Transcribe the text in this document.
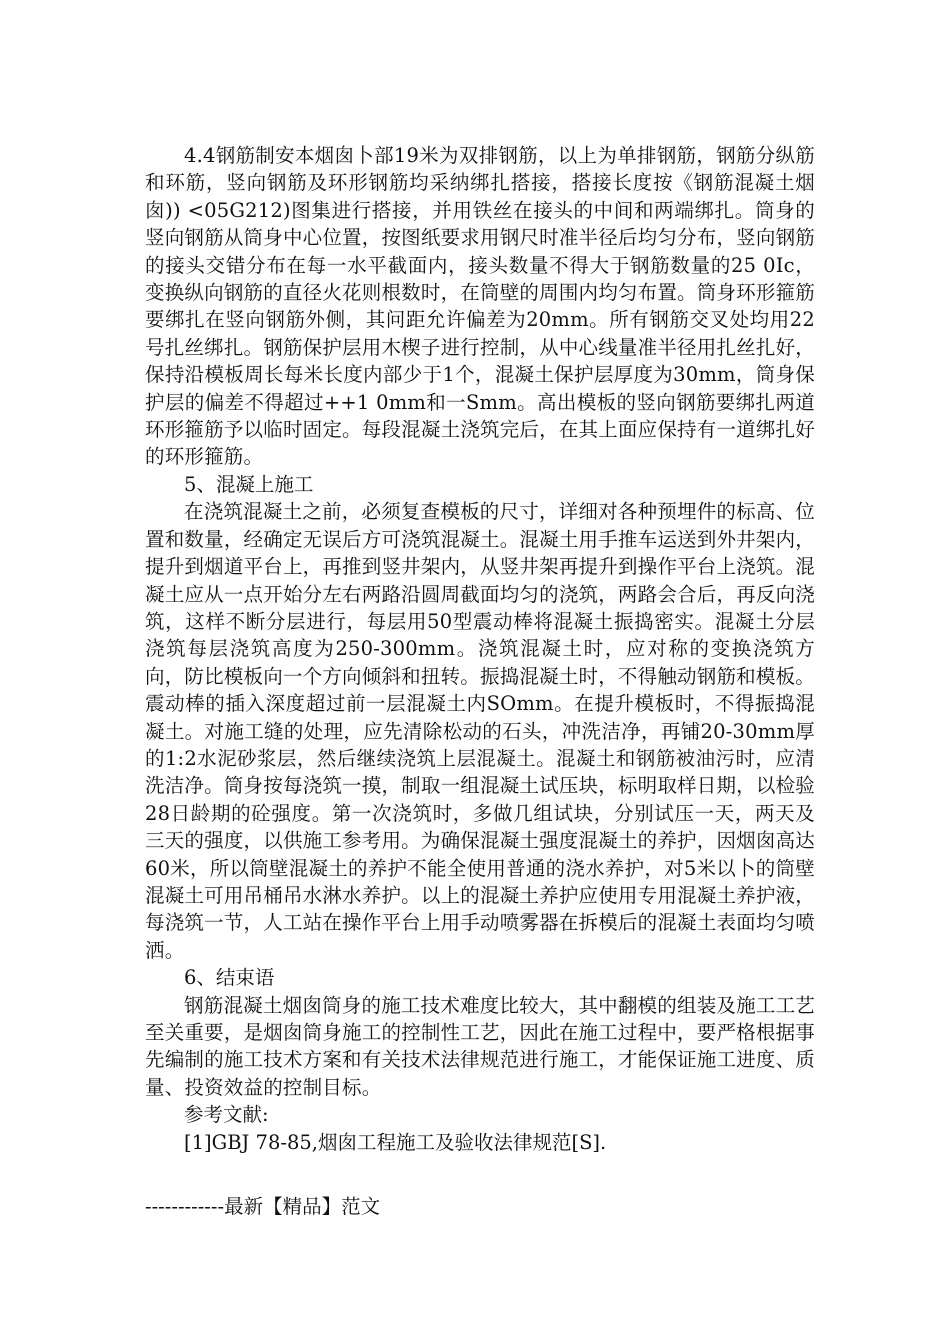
4.4钢筋制安本烟囱卜部19米为双排钢筋，以上为单排钢筋，钢筋分纵筋和环筋，竖向钢筋及环形钢筋均采纳绑扎搭接，搭接长度按《钢筋混凝土烟囱)) <05G212)图集进行搭接，并用铁丝在接头的中间和两端绑扎。筒身的竖向钢筋从筒身中心位置，按图纸要求用钢尺时准半径后均匀分布，竖向钢筋的接头交错分布在每一水平截面内，接头数量不得大于钢筋数量的25 0Ic，变换纵向钢筋的直径火花则根数时，在筒壁的周围内均匀布置。筒身环形箍筋要绑扎在竖向钢筋外侧，其问距允许偏差为20mm。所有钢筋交叉处均用22号扎丝绑扎。钢筋保护层用木楔子进行控制，从中心线量准半径用扎丝扎好，保持沿模板周长每米长度内部少于1个，混凝土保护层厚度为30mm，筒身保护层的偏差不得超过++1 0mm和一Smm。高出模板的竖向钢筋要绑扎两道环形箍筋予以临时固定。每段混凝土浇筑完后，在其上面应保持有一道绑扎好的环形箍筋。

5、混凝上施工

在浇筑混凝土之前，必须复查模板的尺寸，详细对各种预埋件的标高、位置和数量，经确定无误后方可浇筑混凝土。混凝土用手推车运送到外井架内，提升到烟道平台上，再推到竖井架内，从竖井架再提升到操作平台上浇筑。混凝土应从一点开始分左右两路沿圆周截面均匀的浇筑，两路会合后，再反向浇筑，这样不断分层进行，每层用50型震动棒将混凝土振捣密实。混凝土分层浇筑每层浇筑高度为250-300mm。浇筑混凝土时，应对称的变换浇筑方向，防比模板向一个方向倾斜和扭转。振捣混凝土时，不得触动钢筋和模板。震动棒的插入深度超过前一层混凝土内SOmm。在提升模板时，不得振捣混凝土。对施工缝的处理，应先清除松动的石头，冲洗洁净，再铺20-30mm厚的1:2水泥砂浆层，然后继续浇筑上层混凝土。混凝土和钢筋被油污时，应清洗洁净。筒身按每浇筑一摸，制取一组混凝土试压块，标明取样日期，以检验28日龄期的砼强度。第一次浇筑时，多做几组试块，分别试压一天，两天及三天的强度，以供施工参考用。为确保混凝土强度混凝土的养护，因烟囱高达60米，所以筒壁混凝土的养护不能全使用普通的浇水养护，对5米以卜的筒壁混凝土可用吊桶吊水淋水养护。以上的混凝土养护应使用专用混凝土养护液，每浇筑一节，人工站在操作平台上用手动喷雾器在拆模后的混凝土表面均匀喷洒。

6、结束语

钢筋混凝土烟囱筒身的施工技术难度比较大，其中翻模的组装及施工工艺至关重要，是烟囱筒身施工的控制性工艺，因此在施工过程中，要严格根据事先编制的施工技术方案和有关技术法律规范进行施工，才能保证施工进度、质量、投资效益的控制目标。

参考文献:

[1]GBJ 78-85,烟囱工程施工及验收法律规范[S].

------------最新【精品】范文
